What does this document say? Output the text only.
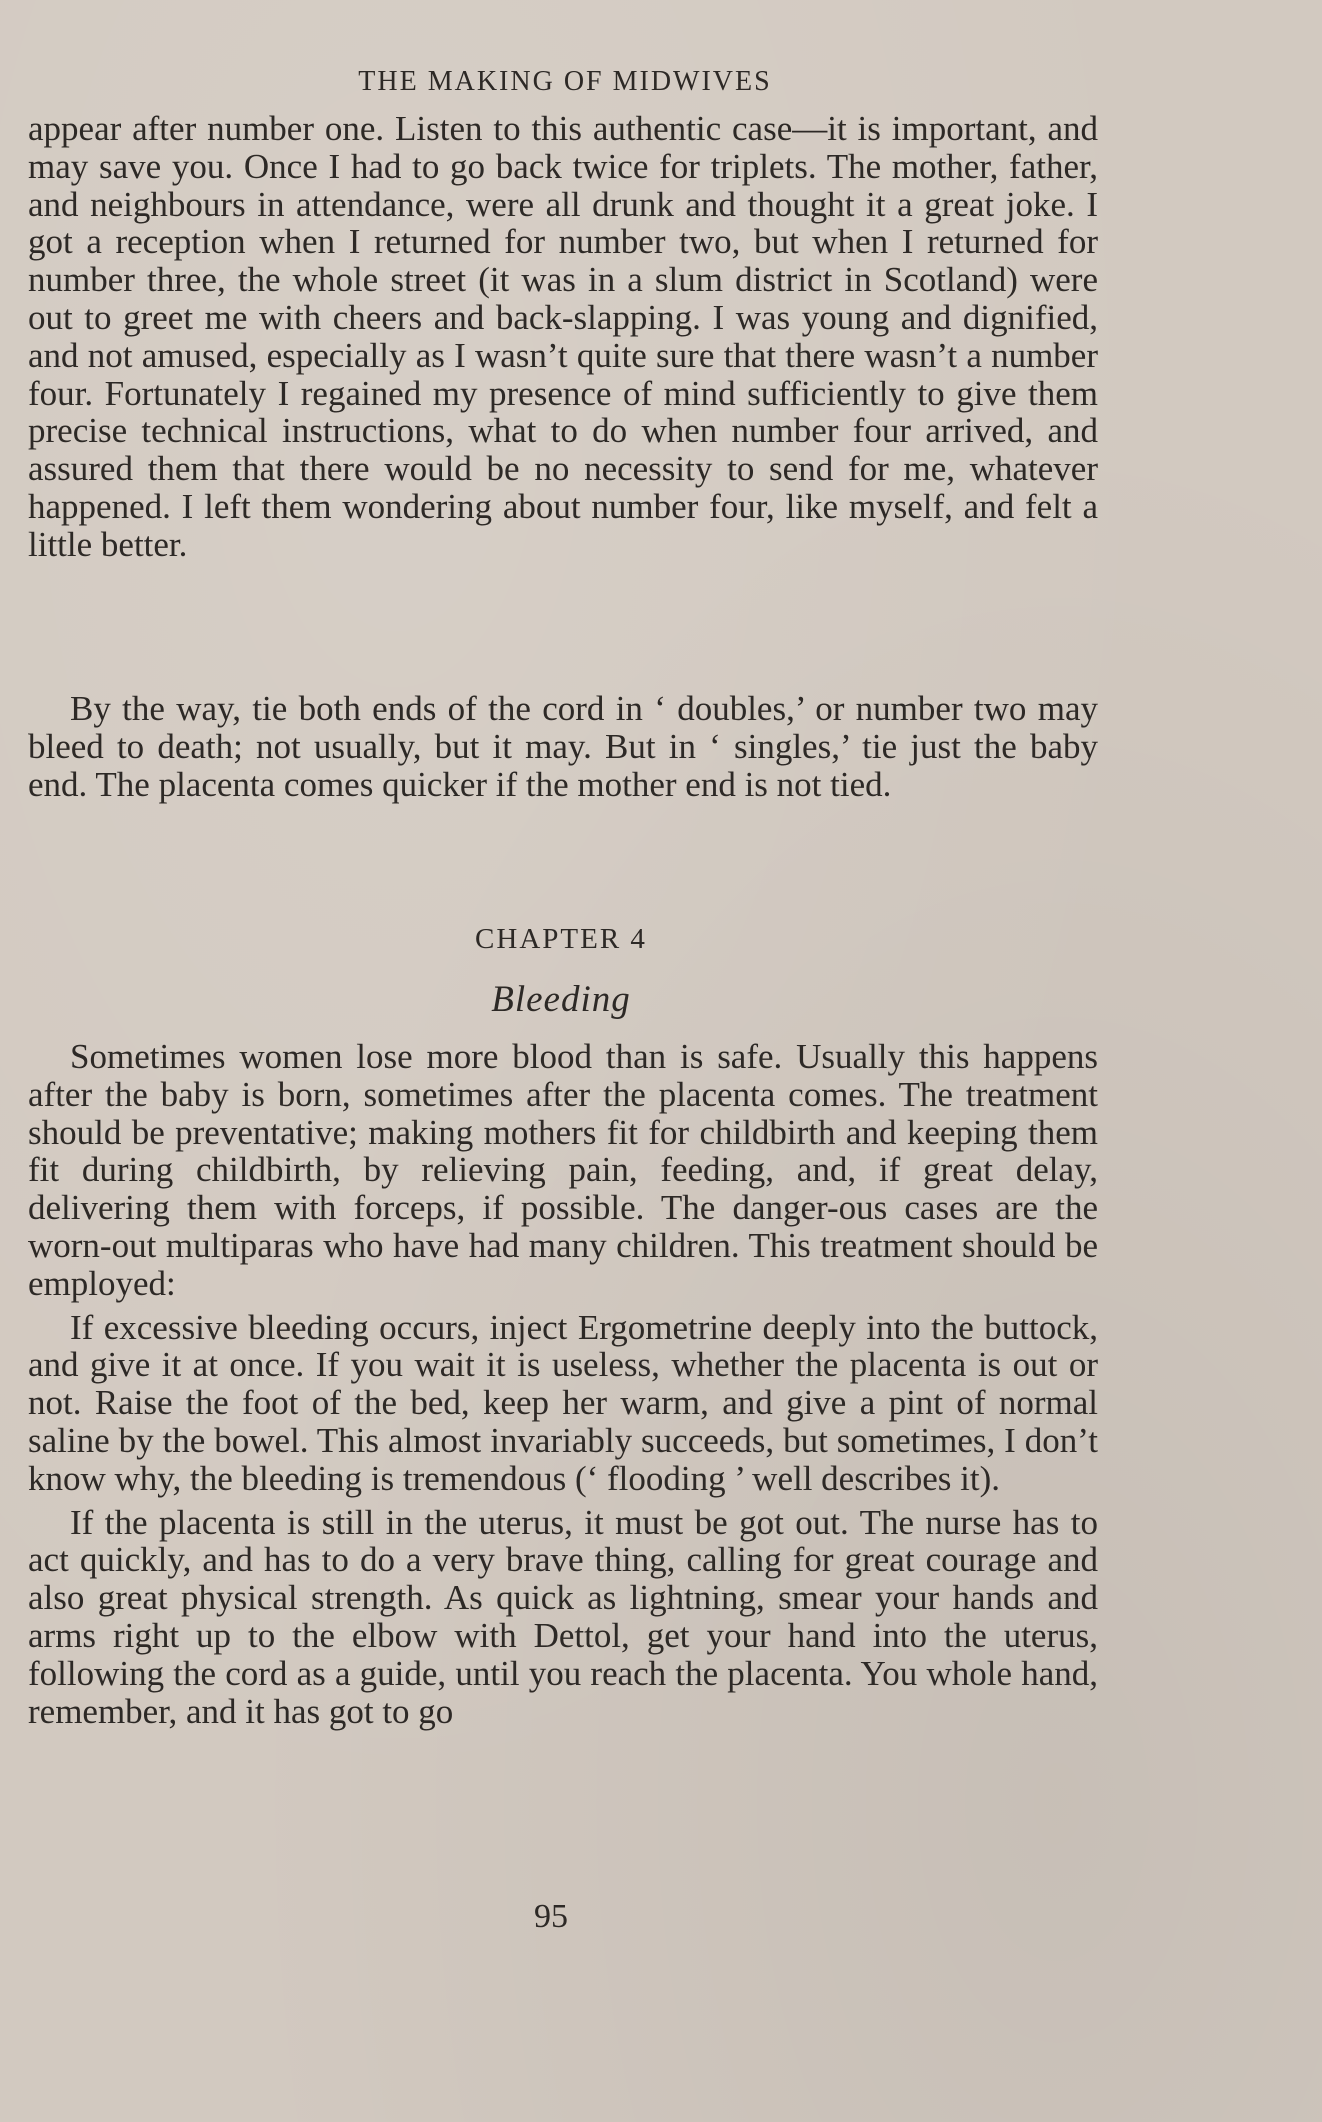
THE MAKING OF MIDWIVES

appear after number one. Listen to this authentic case—it is important, and may save you. Once I had to go back twice for triplets. The mother, father, and neighbours in attendance, were all drunk and thought it a great joke. I got a reception when I returned for number two, but when I returned for number three, the whole street (it was in a slum district in Scotland) were out to greet me with cheers and back-slapping. I was young and dignified, and not amused, especially as I wasn’t quite sure that there wasn’t a number four. Fortunately I regained my presence of mind sufficiently to give them precise technical instructions, what to do when number four arrived, and assured them that there would be no necessity to send for me, whatever happened. I left them wondering about number four, like myself, and felt a little better.

By the way, tie both ends of the cord in ‘ doubles,’ or number two may bleed to death; not usually, but it may. But in ‘ singles,’ tie just the baby end. The placenta comes quicker if the mother end is not tied.

CHAPTER 4
Bleeding

Sometimes women lose more blood than is safe. Usually this happens after the baby is born, sometimes after the placenta comes. The treatment should be preventative; making mothers fit for childbirth and keeping them fit during childbirth, by relieving pain, feeding, and, if great delay, delivering them with forceps, if possible. The danger-ous cases are the worn-out multiparas who have had many children. This treatment should be employed:

If excessive bleeding occurs, inject Ergometrine deeply into the buttock, and give it at once. If you wait it is useless, whether the placenta is out or not. Raise the foot of the bed, keep her warm, and give a pint of normal saline by the bowel. This almost invariably succeeds, but sometimes, I don’t know why, the bleeding is tremendous (‘ flooding ’ well describes it).

If the placenta is still in the uterus, it must be got out. The nurse has to act quickly, and has to do a very brave thing, calling for great courage and also great physical strength. As quick as lightning, smear your hands and arms right up to the elbow with Dettol, get your hand into the uterus, following the cord as a guide, until you reach the placenta. You whole hand, remember, and it has got to go

95
